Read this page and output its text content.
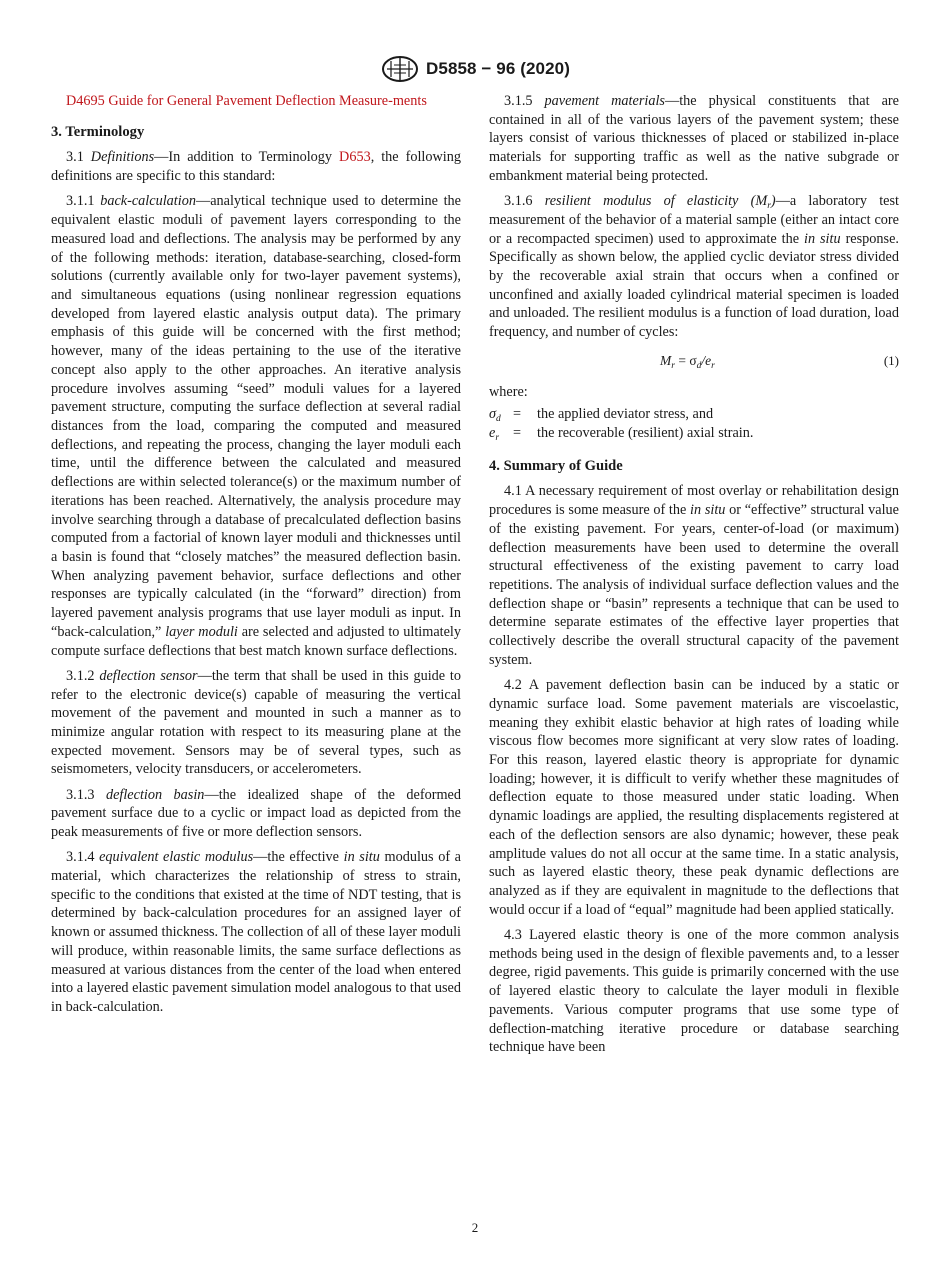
D5858 − 96 (2020)
D4695 Guide for General Pavement Deflection Measure-ments
3. Terminology

3.1 Definitions—In addition to Terminology D653, the following definitions are specific to this standard:

3.1.1 back-calculation—analytical technique used to determine the equivalent elastic moduli of pavement layers corresponding to the measured load and deflections. The analysis may be performed by any of the following methods: iteration, database-searching, closed-form solutions (currently available only for two-layer pavement systems), and simultaneous equations (using nonlinear regression equations developed from layered elastic analysis output data). The primary emphasis of this guide will be concerned with the first method; however, many of the ideas pertaining to the use of the iterative concept also apply to the other approaches. An iterative analysis procedure involves assuming “seed” moduli values for a layered pavement structure, computing the surface deflection at several radial distances from the load, comparing the computed and measured deflections, and repeating the process, changing the layer moduli each time, until the difference between the calculated and measured deflections are within selected tolerance(s) or the maximum number of iterations has been reached. Alternatively, the analysis procedure may involve searching through a database of precalculated deflection basins computed from a factorial of known layer moduli and thicknesses until a basin is found that “closely matches” the measured deflection basin. When analyzing pavement behavior, surface deflections and other responses are typically calculated (in the “forward” direction) from layered pavement analysis programs that use layer moduli as input. In “back-calculation,” layer moduli are selected and adjusted to ultimately compute surface deflections that best match known surface deflections.

3.1.2 deflection sensor—the term that shall be used in this guide to refer to the electronic device(s) capable of measuring the vertical movement of the pavement and mounted in such a manner as to minimize angular rotation with respect to its measuring plane at the expected movement. Sensors may be of several types, such as seismometers, velocity transducers, or accelerometers.

3.1.3 deflection basin—the idealized shape of the deformed pavement surface due to a cyclic or impact load as depicted from the peak measurements of five or more deflection sensors.

3.1.4 equivalent elastic modulus—the effective in situ modulus of a material, which characterizes the relationship of stress to strain, specific to the conditions that existed at the time of NDT testing, that is determined by back-calculation procedures for an assigned layer of known or assumed thickness. The collection of all of these layer moduli will produce, within reasonable limits, the same surface deflections as measured at various distances from the center of the load when entered into a layered elastic pavement simulation model analogous to that used in back-calculation.

3.1.5 pavement materials—the physical constituents that are contained in all of the various layers of the pavement system; these layers consist of various thicknesses of placed or stabilized in-place materials for supporting traffic as well as the native subgrade or embankment material being protected.

3.1.6 resilient modulus of elasticity $(M_r)—a$ laboratory test measurement of the behavior of a material sample (either an intact core or a recompacted specimen) used to approximate the in situ response. Specifically as shown below, the applied cyclic deviator stress divided by the recoverable axial strain that occurs when a confined or unconfined and axially loaded cylindrical material specimen is loaded and unloaded. The resilient modulus is a function of load duration, load frequency, and number of cycles:

$M_r = \sigma_d/e_r$	(1)

where:

$\sigma_d$ =	the applied deviator stress, and
$e_r$ =	the recoverable (resilient) axial strain.
4. Summary of Guide

4.1 A necessary requirement of most overlay or rehabilitation design procedures is some measure of the in situ or “effective” structural value of the existing pavement. For years, center-of-load (or maximum) deflection measurements have been used to determine the overall structural effectiveness of the existing pavement to carry load repetitions. The analysis of individual surface deflection values and the deflection shape or “basin” represents a technique that can be used to determine separate estimates of the effective layer properties that collectively describe the overall structural capacity of the pavement system.

4.2 A pavement deflection basin can be induced by a static or dynamic surface load. Some pavement materials are viscoelastic, meaning they exhibit elastic behavior at high rates of loading while viscous flow becomes more significant at very slow rates of loading. For this reason, layered elastic theory is appropriate for dynamic loading; however, it is difficult to verify whether these magnitudes of deflection equate to those measured under static loading. When dynamic loadings are applied, the resulting displacements registered at each of the deflection sensors are also dynamic; however, these peak amplitude values do not all occur at the same time. In a static analysis, such as layered elastic theory, these peak dynamic deflections are analyzed as if they are equivalent in magnitude to the deflections that would occur if a load of “equal” magnitude had been applied statically.

4.3 Layered elastic theory is one of the more common analysis methods being used in the design of flexible pavements and, to a lesser degree, rigid pavements. This guide is primarily concerned with the use of layered elastic theory to calculate the layer moduli in flexible pavements. Various computer programs that use some type of deflection-matching iterative procedure or database searching technique have been

2
